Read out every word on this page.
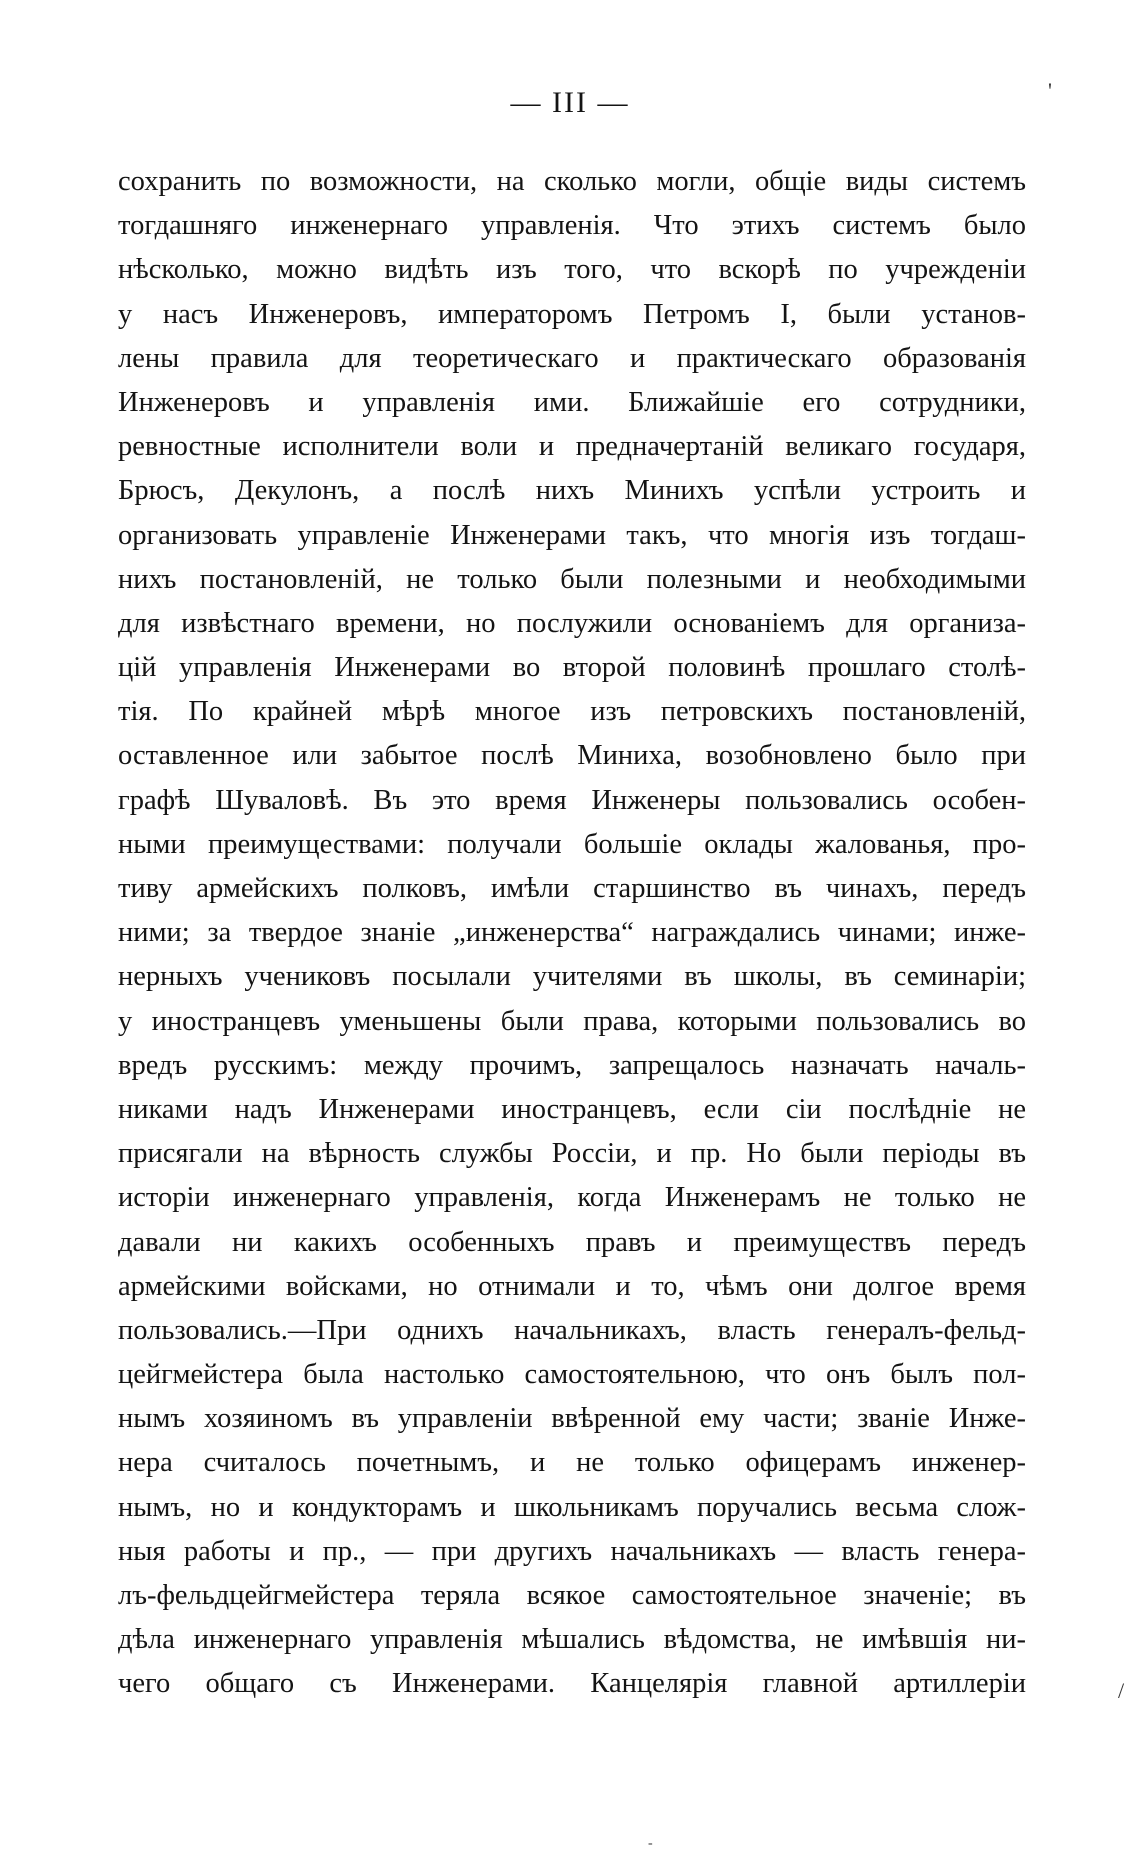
— III —	'
/
-
сохранить по возможности, на сколько могли, общіе виды системъ
тогдашняго инженернаго управленія. Что этихъ системъ было
нѣсколько, можно видѣть изъ того, что вскорѣ по учрежденіи
у насъ Инженеровъ, императоромъ Петромъ I, были установ-
лены правила для теоретическаго и практическаго образованія
Инженеровъ и управленія ими. Ближайшіе его сотрудники,
ревностные исполнители воли и предначертаній великаго государя,
Брюсъ, Декулонъ, а послѣ нихъ Минихъ успѣли устроить и
организовать управленіе Инженерами такъ, что многія изъ тогдаш-
нихъ постановленій, не только были полезными и необходимыми
для извѣстнаго времени, но послужили основаніемъ для организа-
цій управленія Инженерами во второй половинѣ прошлаго столѣ-
тія. По крайней мѣрѣ многое изъ петровскихъ постановленій,
оставленное или забытое послѣ Миниха, возобновлено было при
графѣ Шуваловѣ. Въ это время Инженеры пользовались особен-
ными преимуществами: получали большіе оклады жалованья, про-
тиву армейскихъ полковъ, имѣли старшинство въ чинахъ, передъ
ними; за твердое знаніе „инженерства“ награждались чинами; инже-
нерныхъ учениковъ посылали учителями въ школы, въ семинаріи;
у иностранцевъ уменьшены были права, которыми пользовались во
вредъ русскимъ: между прочимъ, запрещалось назначать началь-
никами надъ Инженерами иностранцевъ, если сіи послѣдніе не
присягали на вѣрность службы Россіи, и пр. Но были періоды въ
исторіи инженернаго управленія, когда Инженерамъ не только не
давали ни какихъ особенныхъ правъ и преимуществъ передъ
армейскими войсками, но отнимали и то, чѣмъ они долгое время
пользовались.—При однихъ начальникахъ, власть генералъ-фельд-
цейгмейстера была настолько самостоятельною, что онъ былъ пол-
нымъ хозяиномъ въ управленіи ввѣренной ему части; званіе Инже-
нера считалось почетнымъ, и не только офицерамъ инженер-
нымъ, но и кондукторамъ и школьникамъ поручались весьма слож-
ныя работы и пр., — при другихъ начальникахъ — власть генера-
лъ-фельдцейгмейстера теряла всякое самостоятельное значеніе; въ
дѣла инженернаго управленія мѣшались вѣдомства, не имѣвшія ни-
чего общаго съ Инженерами. Канцелярія главной артиллеріи
